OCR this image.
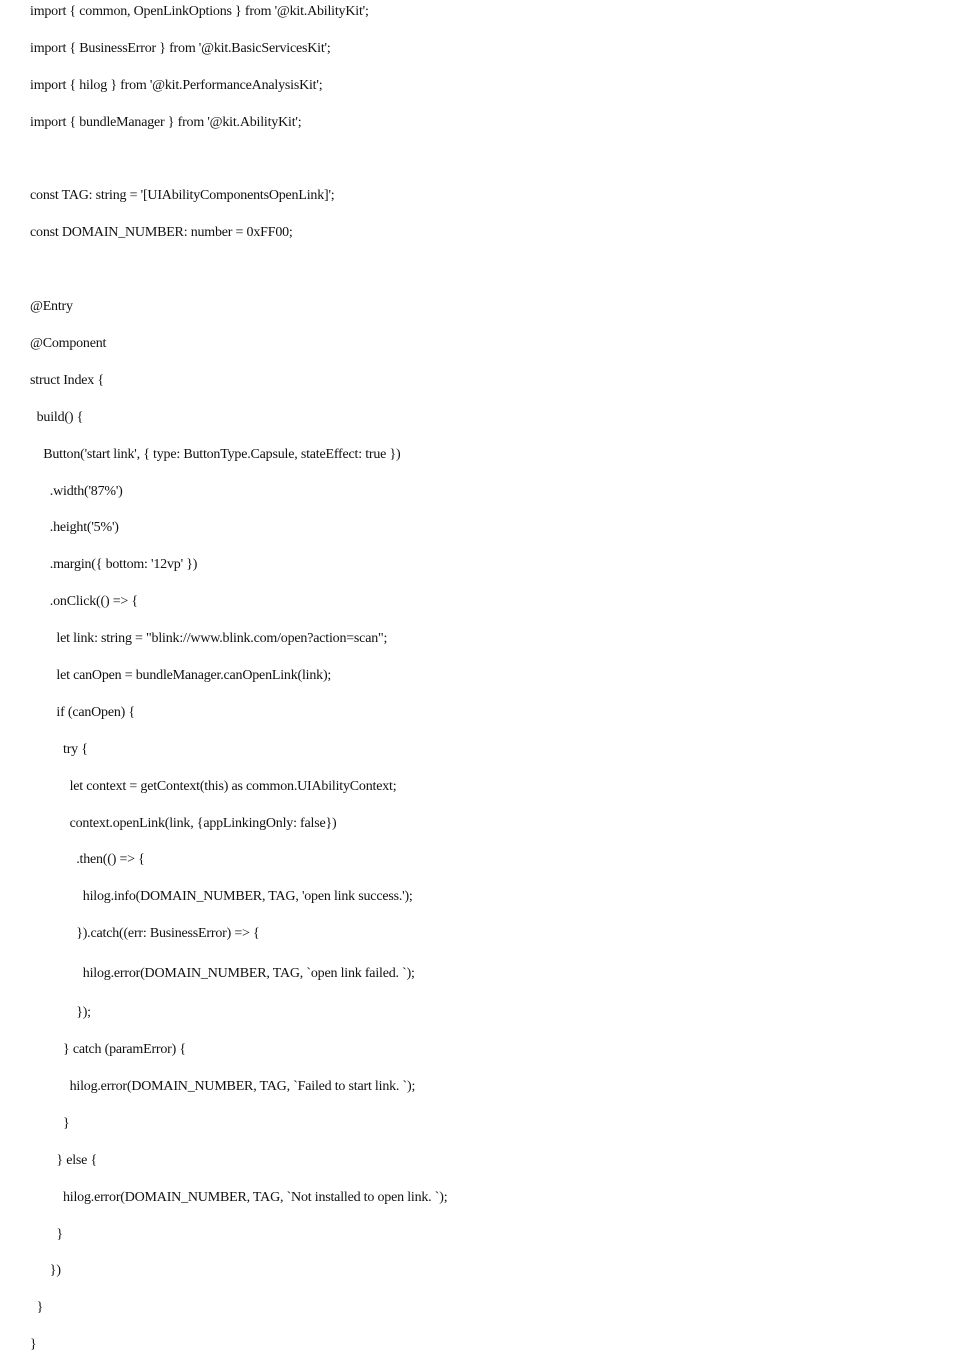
import { common, OpenLinkOptions } from '@kit.AbilityKit';

import { BusinessError } from '@kit.BasicServicesKit';

import { hilog } from '@kit.PerformanceAnalysisKit';

import { bundleManager } from '@kit.AbilityKit';

const TAG: string = '[UIAbilityComponentsOpenLink]';

const DOMAIN_NUMBER: number = 0xFF00;

@Entry

@Component

struct Index {

build() {

Button('start link', { type: ButtonType.Capsule, stateEffect: true })

.width('87%')

.height('5%')

.margin({ bottom: '12vp' })

.onClick(() => {

let link: string = "blink://www.blink.com/open?action=scan";

let canOpen = bundleManager.canOpenLink(link);

if (canOpen) {

try {

let context = getContext(this) as common.UIAbilityContext;

context.openLink(link, {appLinkingOnly: false})

.then(() => {

hilog.info(DOMAIN_NUMBER, TAG, 'open link success.');

}).catch((err: BusinessError) => {

hilog.error(DOMAIN_NUMBER, TAG, `open link failed. `);

});

} catch (paramError) {

hilog.error(DOMAIN_NUMBER, TAG, `Failed to start link. `);

}

} else {

hilog.error(DOMAIN_NUMBER, TAG, `Not installed to open link. `);

}

})

}

}
